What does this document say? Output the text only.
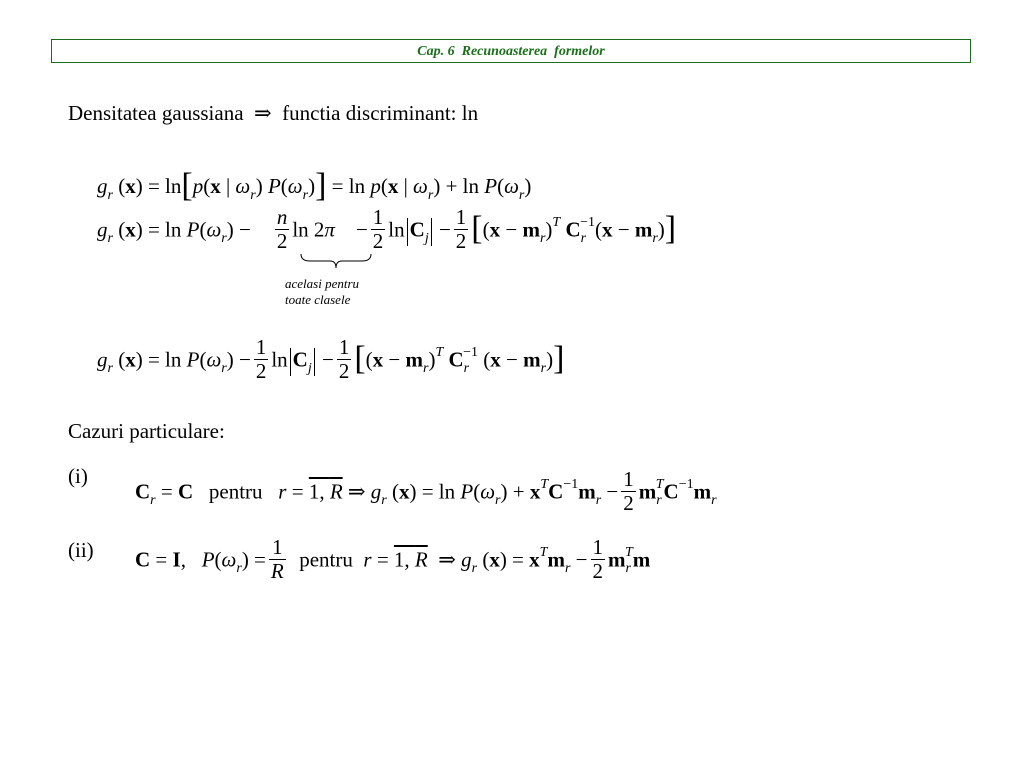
Cap. 6  Recunoasterea  formelor
Densitatea gaussiana ⇒ functia discriminant: ln
$g_r$ (x) = ln[p(x | $\omega_r$) $P(\omega_r)] = \ln p(x$ | $\omega_r) + \ln P(\omega_r)$
$g_r$ $(x) = \ln P(\omega_r) - \frac{n}{2}$ ln 2π    − $\frac{1}{2}$ $\ln C_j - \frac{1}{2} [(x - m_r)^T$ $C_r^{-1}(x - m_r)$]
acelasi pentru
toate clasele
$g_r$ $(x) = \ln P(\omega_r) - \frac{1}{2}$ $\ln C_j - \frac{1}{2} [(x - m_r)^T$ $C_r^{-1}$ $(x - m_r)$]
Cazuri particulare:
(i)
$C_r = C$ pentru r = 1, R ⇒ $g_r$ $(x) = \ln P(\omega_r) + x^TC^{-1}m_r - \frac{1}{2} m_r^TC^{-1}m_r$
(ii) C = I,   $P(\omega_r) = \frac{1}{R}$ pentru r = 1, R  ⇒ $g_r$ $(x) = x^Tm_r - \frac{1}{2} m_r^Tm$
